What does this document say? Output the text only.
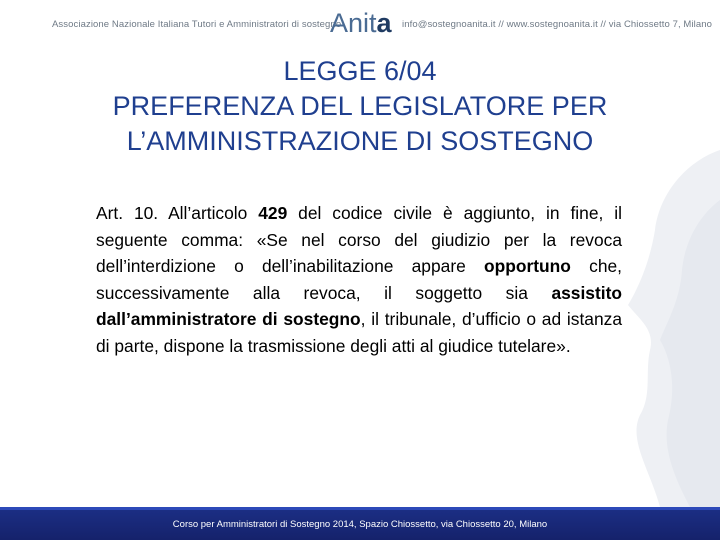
Associazione Nazionale Italiana Tutori e Amministratori di sostegno
Anita info@sostegnoanita.it // www.sostegnoanita.it // via Chiossetto 7, Milano
LEGGE 6/04
PREFERENZA DEL LEGISLATORE PER
L’AMMINISTRAZIONE DI SOSTEGNO
Art. 10. All’articolo 429 del codice civile è aggiunto, in fine, il seguente comma: «Se nel corso del giudizio per la revoca dell’interdizione o dell’inabilitazione appare opportuno che, successivamente alla revoca, il soggetto sia assistito dall’amministratore di sostegno, il tribunale, d’ufficio o ad istanza di parte, dispone la trasmissione degli atti al giudice tutelare».
Corso per Amministratori di Sostegno 2014, Spazio Chiossetto, via Chiossetto 20, Milano
